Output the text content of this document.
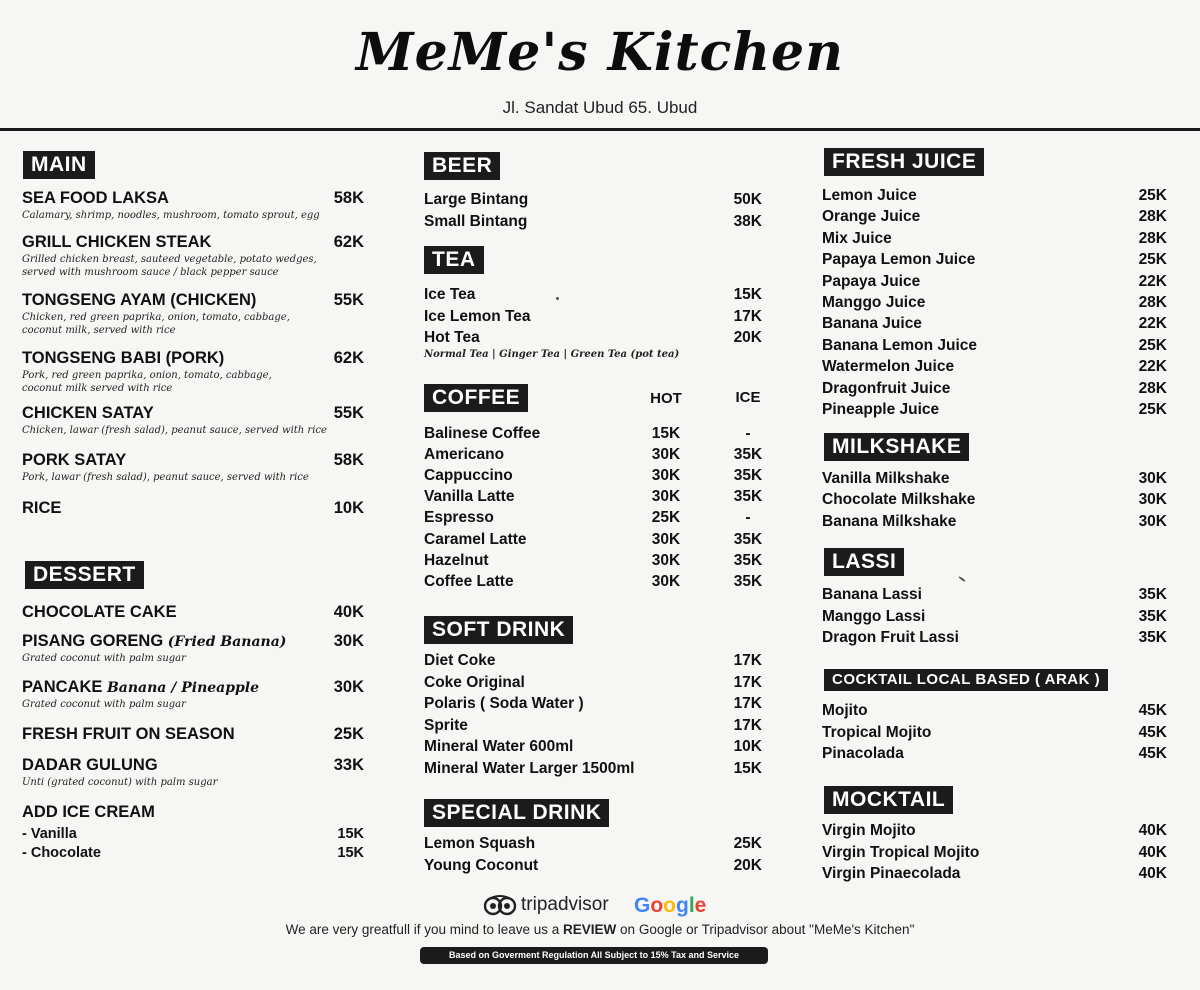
MeMe's Kitchen
Jl. Sandat Ubud 65. Ubud
MAIN
SEA FOOD LAKSA	58K
Calamary, shrimp, noodles, mushroom, tomato sprout, egg
GRILL CHICKEN STEAK	62K
Grilled chicken breast, sauteed vegetable, potato wedges,
served with mushroom sauce / black pepper sauce
TONGSENG AYAM (CHICKEN)	55K
Chicken, red green paprika, onion, tomato, cabbage,
coconut milk, served with rice
TONGSENG BABI (PORK)	62K
Pork, red green paprika, onion, tomato, cabbage,
coconut milk served with rice
CHICKEN SATAY	55K
Chicken, lawar (fresh salad), peanut sauce, served with rice
PORK SATAY	58K
Pork, lawar (fresh salad), peanut sauce, served with rice
RICE	10K
DESSERT
CHOCOLATE CAKE	40K
PISANG GORENG (Fried Banana)	30K
Grated coconut with palm sugar
PANCAKE Banana / Pineapple	30K
Grated coconut with palm sugar
FRESH FRUIT ON SEASON	25K
DADAR GULUNG	33K
Unti (grated coconut) with palm sugar
ADD ICE CREAM
- Vanilla	15K
- Chocolate	15K
BEER
Large Bintang	50K
Small Bintang	38K
TEA
Ice Tea	15K
Ice Lemon Tea	17K
Hot Tea	20K
Normal Tea | Ginger Tea | Green Tea (pot tea)
COFFEE	HOT	ICE
Balinese Coffee	15K	-
Americano	30K	35K
Cappuccino	30K	35K
Vanilla Latte	30K	35K
Espresso	25K	-
Caramel Latte	30K	35K
Hazelnut	30K	35K
Coffee Latte	30K	35K
SOFT DRINK
Diet Coke	17K
Coke Original	17K
Polaris ( Soda Water )	17K
Sprite	17K
Mineral Water 600ml	10K
Mineral Water Larger 1500ml	15K
SPECIAL DRINK
Lemon Squash	25K
Young Coconut	20K
FRESH JUICE
Lemon Juice	25K
Orange Juice	28K
Mix Juice	28K
Papaya Lemon Juice	25K
Papaya Juice	22K
Manggo Juice	28K
Banana Juice	22K
Banana Lemon Juice	25K
Watermelon Juice	22K
Dragonfruit Juice	28K
Pineapple Juice	25K
MILKSHAKE
Vanilla Milkshake	30K
Chocolate Milkshake	30K
Banana Milkshake	30K
LASSI
Banana Lassi	35K
Manggo Lassi	35K
Dragon Fruit Lassi	35K
COCKTAIL LOCAL BASED ( ARAK )
Mojito	45K
Tropical Mojito	45K
Pinacolada	45K
MOCKTAIL
Virgin Mojito	40K
Virgin Tropical Mojito	40K
Virgin Pinaecolada	40K
tripadvisor Google
We are very greatfull if you mind to leave us a REVIEW on Google or Tripadvisor about "MeMe's Kitchen"
Based on Goverment Regulation All Subject to 15% Tax and Service
